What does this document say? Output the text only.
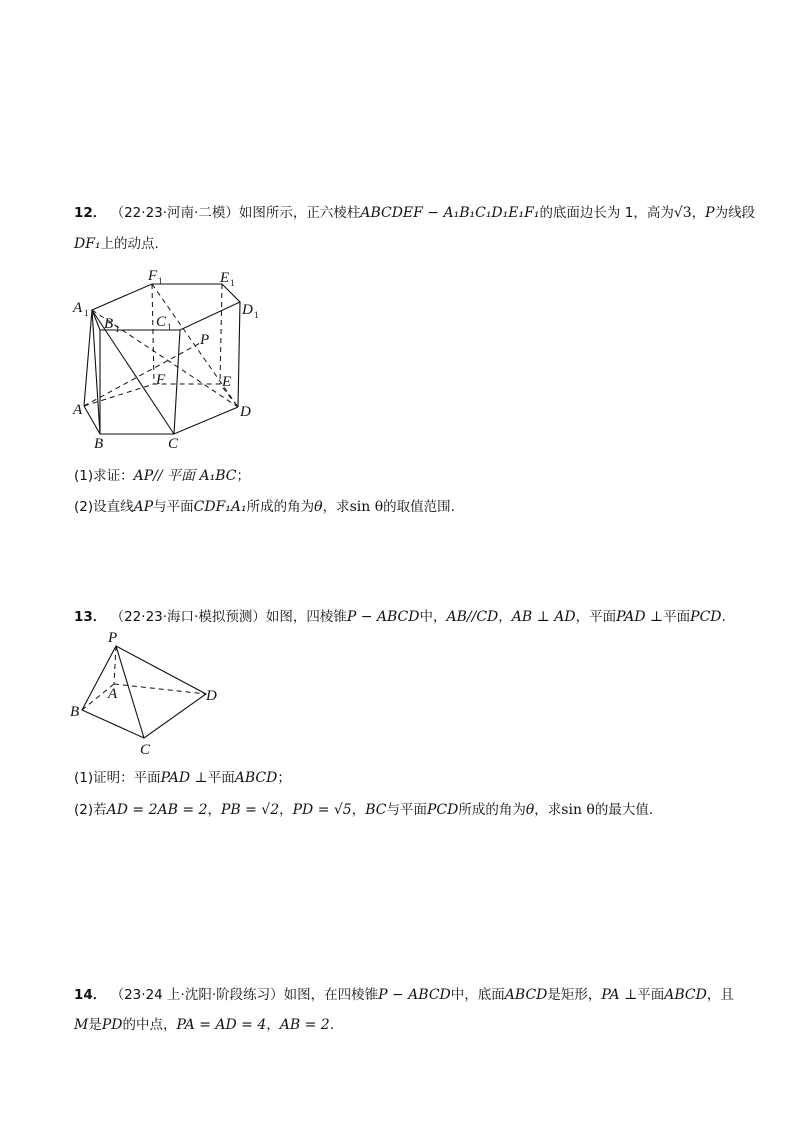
12． （22·23·河南·二模）如图所示，正六棱柱ABCDEF − A₁B₁C₁D₁E₁F₁的底面边长为 1，高为√3，P为线段
DF₁上的动点.
A 1
B 1 C 1
D 1
E 1
F 1
P
F	E
A
B	C
D
(1)求证：AP// 平面 A₁BC；
(2)设直线AP与平面CDF₁A₁所成的角为θ，求sin θ的取值范围.
13． （22·23·海口·模拟预测）如图，四棱锥P − ABCD中，AB//CD，AB ⊥ AD，平面PAD ⊥平面PCD.
P
A
B
C
D
(1)证明：平面PAD ⊥平面ABCD；
(2)若AD = 2AB = 2，PB = √2，PD = √5，BC与平面PCD所成的角为θ，求sin θ的最大值.
14． （23·24 上·沈阳·阶段练习）如图，在四棱锥P − ABCD中，底面ABCD是矩形，PA ⊥平面ABCD，且
M是PD的中点，PA = AD = 4，AB = 2.
